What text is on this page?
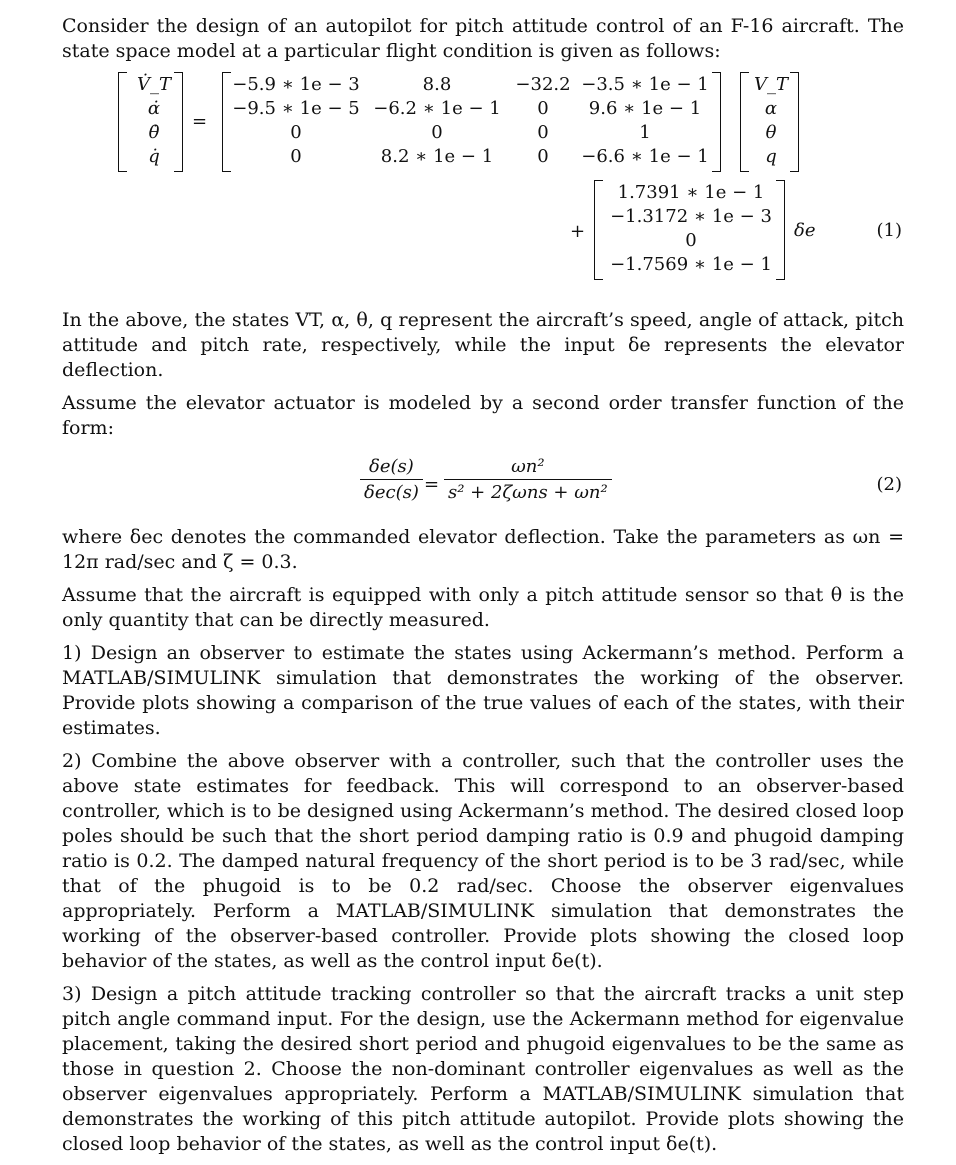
Consider the design of an autopilot for pitch attitude control of an F-16 aircraft. The state space model at a particular flight condition is given as follows:

V̇_T
α̇
θ̇
q̇
=
−5.9 ∗ 1e − 3
−9.5 ∗ 1e − 5
0
0
8.8
−6.2 ∗ 1e − 1
0
8.2 ∗ 1e − 1
−32.2
0
0
0
−3.5 ∗ 1e − 1
9.6 ∗ 1e − 1
1
−6.6 ∗ 1e − 1
V_T
α
θ
q
+
1.7391 ∗ 1e − 1
−1.3172 ∗ 1e − 3
0
−1.7569 ∗ 1e − 1
δe	(1)

In the above, the states VT, α, θ, q represent the aircraft’s speed, angle of attack, pitch attitude and pitch rate, respectively, while the input δe represents the elevator deflection.

Assume the elevator actuator is modeled by a second order transfer function of the form:

δe(s)
δec(s) =
ωn²
s² + 2ζωns + ωn²	(2)

where δec denotes the commanded elevator deflection. Take the parameters as ωn = 12π rad/sec and ζ = 0.3.

Assume that the aircraft is equipped with only a pitch attitude sensor so that θ is the only quantity that can be directly measured.

1) Design an observer to estimate the states using Ackermann’s method. Perform a MATLAB/SIMULINK simulation that demonstrates the working of the observer. Provide plots showing a comparison of the true values of each of the states, with their estimates.

2) Combine the above observer with a controller, such that the controller uses the above state estimates for feedback. This will correspond to an observer-based controller, which is to be designed using Ackermann’s method. The desired closed loop poles should be such that the short period damping ratio is 0.9 and phugoid damping ratio is 0.2. The damped natural frequency of the short period is to be 3 rad/sec, while that of the phugoid is to be 0.2 rad/sec. Choose the observer eigenvalues appropriately. Perform a MATLAB/SIMULINK simulation that demonstrates the working of the observer-based controller. Provide plots showing the closed loop behavior of the states, as well as the control input δe(t).

3) Design a pitch attitude tracking controller so that the aircraft tracks a unit step pitch angle command input. For the design, use the Ackermann method for eigenvalue placement, taking the desired short period and phugoid eigenvalues to be the same as those in question 2. Choose the non-dominant controller eigenvalues as well as the observer eigenvalues appropriately. Perform a MATLAB/SIMULINK simulation that demonstrates the working of this pitch attitude autopilot. Provide plots showing the closed loop behavior of the states, as well as the control input δe(t).
